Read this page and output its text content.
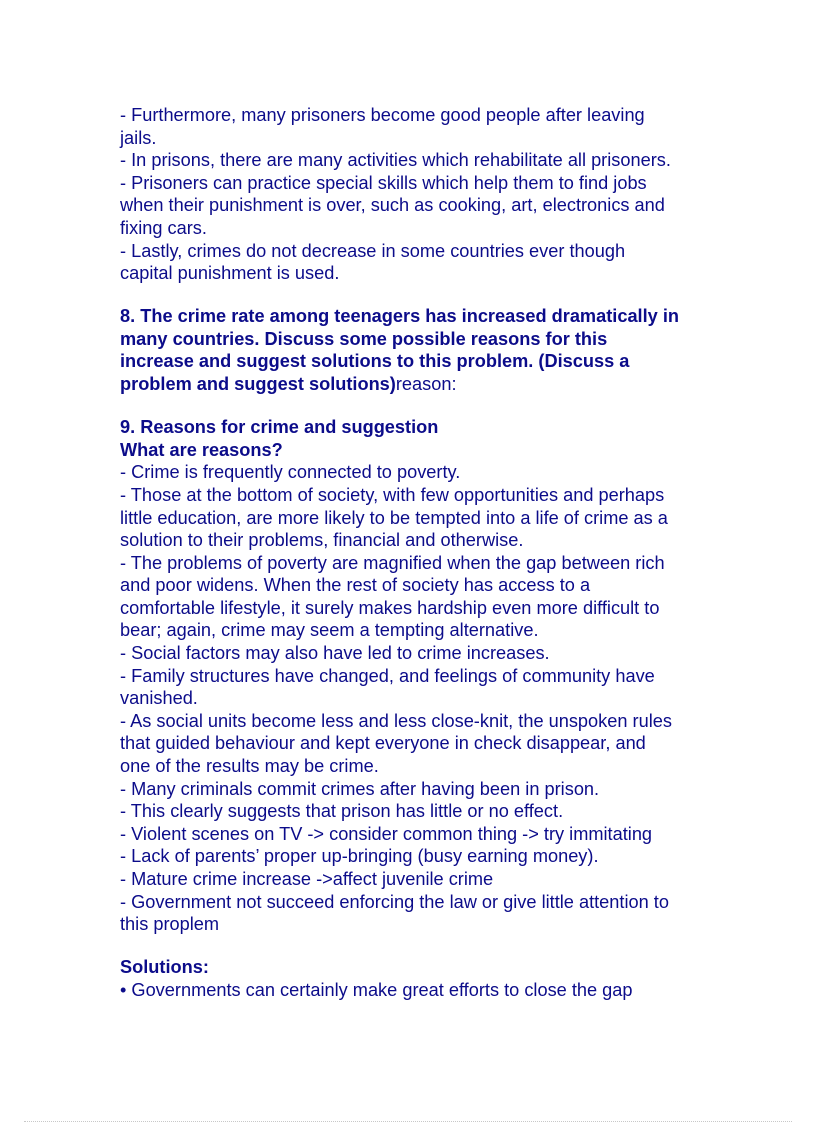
- Furthermore, many prisoners become good people after leaving
jails.
- In prisons, there are many activities which rehabilitate all prisoners.
- Prisoners can practice special skills which help them to find jobs
when their punishment is over, such as cooking, art, electronics and
fixing cars.
- Lastly, crimes do not decrease in some countries ever though
capital punishment is used.
8. The crime rate among teenagers has increased dramatically in
many countries. Discuss some possible reasons for this
increase and suggest solutions to this problem. (Discuss a
problem and suggest solutions)reason:
9. Reasons for crime and suggestion
What are reasons?
- Crime is frequently connected to poverty.
- Those at the bottom of society, with few opportunities and perhaps
little education, are more likely to be tempted into a life of crime as a
solution to their problems, financial and otherwise.
- The problems of poverty are magnified when the gap between rich
and poor widens. When the rest of society has access to a
comfortable lifestyle, it surely makes hardship even more difficult to
bear; again, crime may seem a tempting alternative.
- Social factors may also have led to crime increases.
- Family structures have changed, and feelings of community have
vanished.
- As social units become less and less close-knit, the unspoken rules
that guided behaviour and kept everyone in check disappear, and
one of the results may be crime.
- Many criminals commit crimes after having been in prison.
- This clearly suggests that prison has little or no effect.
- Violent scenes on TV -> consider common thing -> try immitating
- Lack of parents’ proper up-bringing (busy earning money).
- Mature crime increase ->affect juvenile crime
- Government not succeed enforcing the law or give little attention to
this proplem
Solutions:
• Governments can certainly make great efforts to close the gap
